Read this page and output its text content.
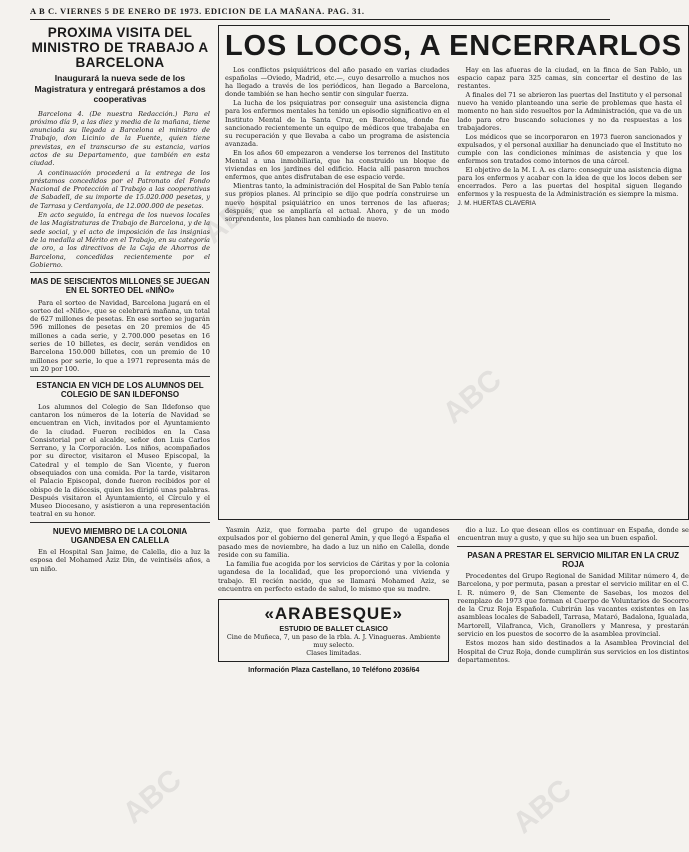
A B C. VIERNES 5 DE ENERO DE 1973. EDICION DE LA MAÑANA. PAG. 31.
PROXIMA VISITA DEL MINISTRO DE TRABAJO A BARCELONA
Inaugurará la nueva sede de los Magistratura y entregará préstamos a dos cooperativas

Barcelona 4. (De nuestra Redacción.) Para el próximo día 9, a las diez y media de la mañana, tiene anunciada su llegada a Barcelona el ministro de Trabajo, don Licinio de la Fuente, quien tiene previstas, en el transcurso de su estancia, varios actos de su Departamento, que también en esta ciudad.

A continuación procederá a la entrega de los préstamos concedidos por el Patronato del Fondo Nacional de Protección al Trabajo a las cooperativas de Sabadell, de su importe de 15.020.000 pesetas, y de Tarrasa y Cerdanyola, de 12.000.000 de pesetas.

En acto seguido, la entrega de los nuevos locales de las Magistraturas de Trabajo de Barcelona, y de la sede social, y el acto de imposición de las insignias de la medalla al Mérito en el Trabajo, en su categoría de oro, a los directivos de la Caja de Ahorros de Barcelona, concedidas recientemente por el Gobierno.

MAS DE SEISCIENTOS MILLONES SE JUEGAN EN EL SORTEO DEL «NIÑO»

Para el sorteo de Navidad, Barcelona jugará en el sorteo del «Niño», que se celebrará mañana, un total de 627 millones de pesetas. En ese sorteo se jugarán 596 millones de pesetas en 20 premios de 45 millones a cada serie, y 2.700.000 pesetas en 16 series de 10 billetes, es decir, serán vendidos en Barcelona 150.000 billetes, con un premio de 10 millones por serie, lo que a 1971 representa más de un 20 por 100.

ESTANCIA EN VICH DE LOS ALUMNOS DEL COLEGIO DE SAN ILDEFONSO

Los alumnos del Colegio de San Ildefonso que cantaron los números de la lotería de Navidad se encuentran en Vich, invitados por el Ayuntamiento de la ciudad. Fueron recibidos en la Casa Consistorial por el alcalde, señor don Luis Carlos Serrano, y la Corporación. Los niños, acompañados por su director, visitaron el Museo Episcopal, la Catedral y el templo de San Vicente, y fueron obsequiados con una comida. Por la tarde, visitaron el Palacio Episcopal, donde fueron recibidos por el obispo de la diócesis, quien les dirigió unas palabras. Después visitaron el Ayuntamiento, el Círculo y el Museo Diocesano, y asistieron a una representación teatral en su honor.

NUEVO MIEMBRO DE LA COLONIA UGANDESA EN CALELLA

En el Hospital San Jaime, de Calella, dio a luz la esposa del Mohamed Aziz Din, de veintiséis años, a un niño.

LOS LOCOS, A ENCERRARLOS

Los conflictos psiquiátricos del año pasado en varias ciudades españolas —Oviedo, Madrid, etc.—, cuyo desarrollo a muchos nos ha llegado a través de los periódicos, han llegado a Barcelona, donde también se han hecho sentir con singular fuerza.

La lucha de los psiquiatras por conseguir una asistencia digna para los enfermos mentales ha tenido un episodio significativo en el Instituto Mental de la Santa Cruz, en Barcelona, donde fue sancionado recientemente un equipo de médicos que trabajaba en su recuperación y que llevaba a cabo un programa de asistencia avanzada.

En los años 60 empezaron a venderse los terrenos del Instituto Mental a una inmobiliaria, que ha construido un bloque de viviendas en los jardines del edificio. Hacia allí pasaron muchos enfermos, que antes disfrutaban de ese espacio verde.

Mientras tanto, la administración del Hospital de San Pablo tenía sus propios planes. Al principio se dijo que podría construirse un nuevo hospital psiquiátrico en unos terrenos de las afueras; después, que se ampliaría el actual. Ahora, y de un modo sorprendente, los planes han cambiado de nuevo.

Hay en las afueras de la ciudad, en la finca de San Pablo, un espacio capaz para 325 camas, sin concertar el destino de las restantes.

A finales del 71 se abrieron las puertas del Instituto y el personal nuevo ha venido planteando una serie de problemas que hasta el momento no han sido resueltos por la Administración, que va de un lado para otro buscando soluciones y no da respuestas a los trabajadores.

Los médicos que se incorporaron en 1973 fueron sancionados y expulsados, y el personal auxiliar ha denunciado que el Instituto no cumple con las condiciones mínimas de asistencia y que los enfermos son tratados como internos de una cárcel.

El objetivo de la M. I. A. es claro: conseguir una asistencia digna para los enfermos y acabar con la idea de que los locos deben ser encerrados. Pero a las puertas del hospital siguen llegando enfermos y la respuesta de la Administración es siempre la misma.

J. M. HUERTAS CLAVERIA

Yasmin Aziz, que formaba parte del grupo de ugandeses expulsados por el gobierno del general Amin, y que llegó a España el pasado mes de noviembre, ha dado a luz un niño en Calella, donde reside con su familia.

La familia fue acogida por los servicios de Cáritas y por la colonia ugandesa de la localidad, que les proporcionó una vivienda y trabajo. El recién nacido, que se llamará Mohamed Aziz, se encuentra en perfecto estado de salud, lo mismo que su madre.

«ARABESQUE»
ESTUDIO DE BALLET CLASICO
Cine de Muñeca, 7, un paso de la rbla. A. J. Vinagueras. Ambiente muy selecto.
Clases limitadas.
Información Plaza Castellano, 10 Teléfono 2036/64

dio a luz. Lo que desean ellos es continuar en España, donde se encuentran muy a gusto, y que su hijo sea un buen español.

PASAN A PRESTAR EL SERVICIO MILITAR EN LA CRUZ ROJA

Procedentes del Grupo Regional de Sanidad Militar número 4, de Barcelona, y por permuta, pasan a prestar el servicio militar en el C. I. R. número 9, de San Clemente de Sasebas, los mozos del reemplazo de 1973 que forman el Cuerpo de Voluntarios de Socorro de la Cruz Roja Española. Cubrirán las vacantes existentes en las asambleas locales de Sabadell, Tarrasa, Mataró, Badalona, Igualada, Martorell, Vilafranca, Vich, Granollers y Manresa, y prestarán servicio en los puestos de socorro de la asamblea provincial.

Estos mozos han sido destinados a la Asamblea Provincial del Hospital de Cruz Roja, donde cumplirán sus servicios en los distintos departamentos.

ABC
ABC
ABC	ABC
